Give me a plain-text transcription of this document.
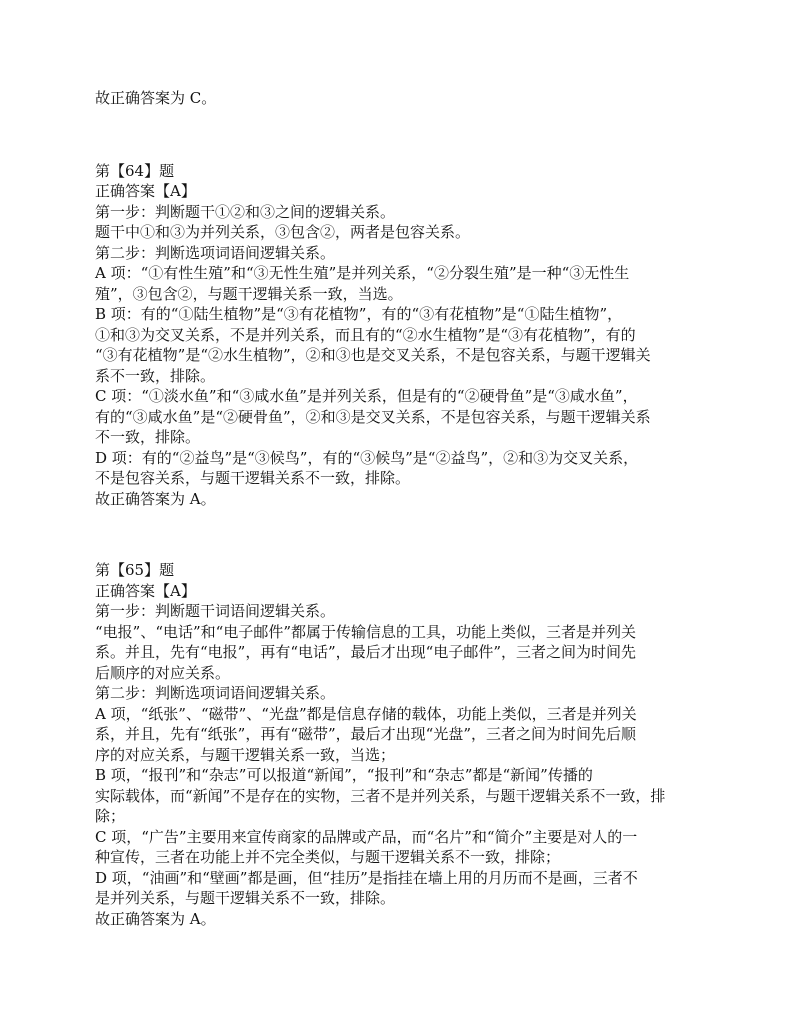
故正确答案为 C。

第【64】题

正确答案【A】

第一步：判断题干①②和③之间的逻辑关系。

题干中①和③为并列关系，③包含②，两者是包容关系。

第二步：判断选项词语间逻辑关系。

A 项：“①有性生殖”和“③无性生殖”是并列关系，“②分裂生殖”是一种“③无性生

殖”，③包含②，与题干逻辑关系一致，当选。

B 项：有的“①陆生植物”是“③有花植物”，有的“③有花植物”是“①陆生植物”，

①和③为交叉关系，不是并列关系，而且有的“②水生植物”是“③有花植物”，有的

“③有花植物”是“②水生植物”，②和③也是交叉关系，不是包容关系，与题干逻辑关

系不一致，排除。

C 项：“①淡水鱼”和“③咸水鱼”是并列关系，但是有的“②硬骨鱼”是“③咸水鱼”，

有的“③咸水鱼”是“②硬骨鱼”，②和③是交叉关系，不是包容关系，与题干逻辑关系

不一致，排除。

D 项：有的“②益鸟”是“③候鸟”，有的“③候鸟”是“②益鸟”，②和③为交叉关系，

不是包容关系，与题干逻辑关系不一致，排除。

故正确答案为 A。

第【65】题

正确答案【A】

第一步：判断题干词语间逻辑关系。

“电报”、“电话”和“电子邮件”都属于传输信息的工具，功能上类似，三者是并列关

系。并且，先有“电报”，再有“电话”，最后才出现“电子邮件”，三者之间为时间先

后顺序的对应关系。

第二步：判断选项词语间逻辑关系。

A 项，“纸张”、“磁带”、“光盘”都是信息存储的载体，功能上类似，三者是并列关

系，并且，先有“纸张”，再有“磁带”，最后才出现“光盘”，三者之间为时间先后顺

序的对应关系，与题干逻辑关系一致，当选；

B 项，“报刊”和“杂志”可以报道“新闻”，“报刊”和“杂志”都是“新闻”传播的

实际载体，而“新闻”不是存在的实物，三者不是并列关系，与题干逻辑关系不一致，排

除；

C 项，“广告”主要用来宣传商家的品牌或产品，而“名片”和“简介”主要是对人的一

种宣传，三者在功能上并不完全类似，与题干逻辑关系不一致，排除；

D 项，“油画”和“壁画”都是画，但“挂历”是指挂在墙上用的月历而不是画，三者不

是并列关系，与题干逻辑关系不一致，排除。

故正确答案为 A。
